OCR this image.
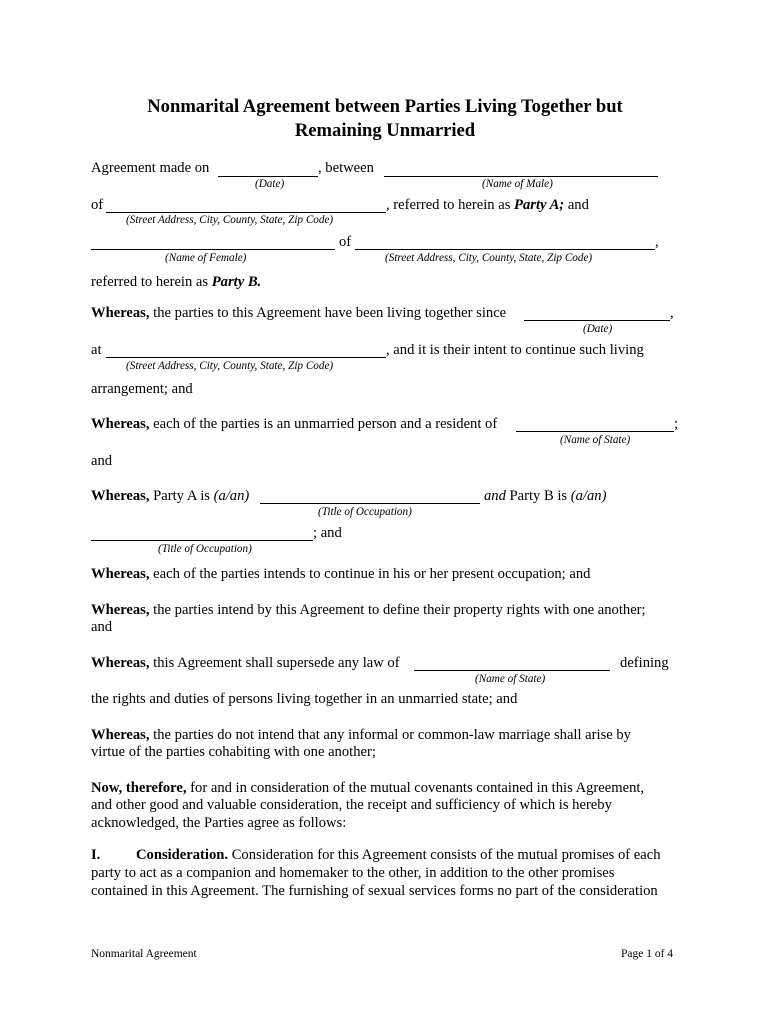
Nonmarital Agreement between Parties Living Together but
Remaining Unmarried
Agreement made on	, between
(Date)	(Name of Male)
of	, referred to herein as Party A; and
(Street Address, City, County, State, Zip Code)
of	,
(Name of Female)	(Street Address, City, County, State, Zip Code)
referred to herein as Party B.
Whereas, the parties to this Agreement have been living together since	,
(Date)
at	, and it is their intent to continue such living
(Street Address, City, County, State, Zip Code)
arrangement; and
Whereas, each of the parties is an unmarried person and a resident of	;
(Name of State)
and
Whereas, Party A is (a/an)	and Party B is (a/an)
(Title of Occupation)
; and
(Title of Occupation)
Whereas, each of the parties intends to continue in his or her present occupation; and
Whereas, the parties intend by this Agreement to define their property rights with one another;
and
Whereas, this Agreement shall supersede any law of	defining
(Name of State)
the rights and duties of persons living together in an unmarried state; and
Whereas, the parties do not intend that any informal or common-law marriage shall arise by
virtue of the parties cohabiting with one another;
Now, therefore, for and in consideration of the mutual covenants contained in this Agreement,
and other good and valuable consideration, the receipt and sufficiency of which is hereby
acknowledged, the Parties agree as follows:
I. Consideration. Consideration for this Agreement consists of the mutual promises of each
party to act as a companion and homemaker to the other, in addition to the other promises
contained in this Agreement. The furnishing of sexual services forms no part of the consideration
Nonmarital Agreement	Page 1 of 4
